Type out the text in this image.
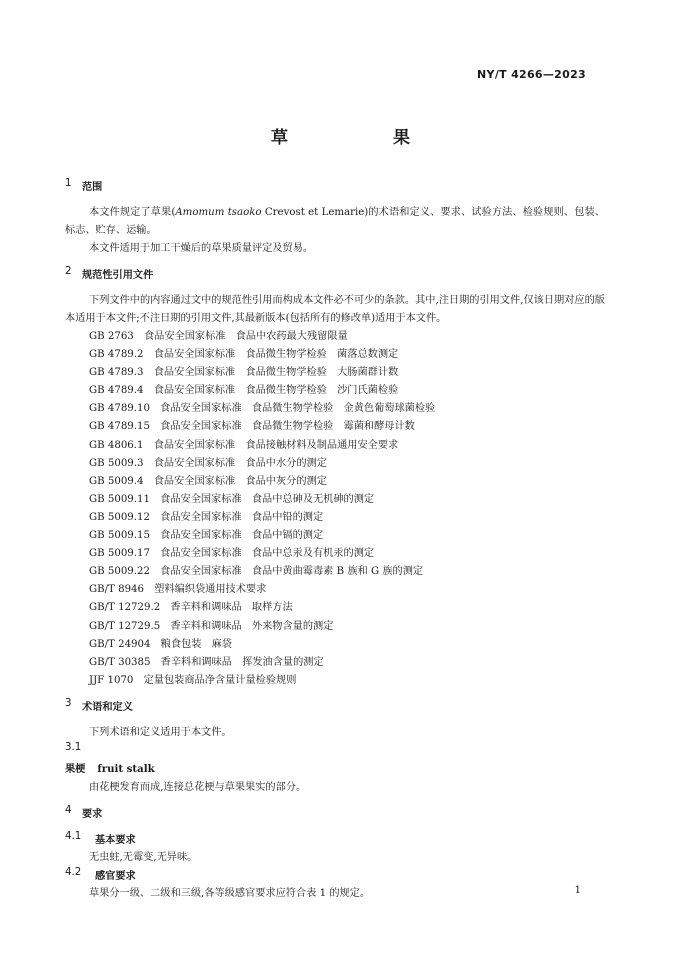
NY/T 4266—2023
草　果
1 范围
本文件规定了草果(Amomum tsaoko Crevost et Lemarie)的术语和定义、要求、试验方法、检验规则、包装、标志、贮存、运输。
本文件适用于加工干燥后的草果质量评定及贸易。
2 规范性引用文件
下列文件中的内容通过文中的规范性引用而构成本文件必不可少的条款。其中,注日期的引用文件,仅该日期对应的版本适用于本文件;不注日期的引用文件,其最新版本(包括所有的修改单)适用于本文件。
GB 2763　食品安全国家标准　食品中农药最大残留限量
GB 4789.2　食品安全国家标准　食品微生物学检验　菌落总数测定
GB 4789.3　食品安全国家标准　食品微生物学检验　大肠菌群计数
GB 4789.4　食品安全国家标准　食品微生物学检验　沙门氏菌检验
GB 4789.10　食品安全国家标准　食品微生物学检验　金黄色葡萄球菌检验
GB 4789.15　食品安全国家标准　食品微生物学检验　霉菌和酵母计数
GB 4806.1　食品安全国家标准　食品接触材料及制品通用安全要求
GB 5009.3　食品安全国家标准　食品中水分的测定
GB 5009.4　食品安全国家标准　食品中灰分的测定
GB 5009.11　食品安全国家标准　食品中总砷及无机砷的测定
GB 5009.12　食品安全国家标准　食品中铅的测定
GB 5009.15　食品安全国家标准　食品中镉的测定
GB 5009.17　食品安全国家标准　食品中总汞及有机汞的测定
GB 5009.22　食品安全国家标准　食品中黄曲霉毒素 B 族和 G 族的测定
GB/T 8946　塑料编织袋通用技术要求
GB/T 12729.2　香辛料和调味品　取样方法
GB/T 12729.5　香辛料和调味品　外来物含量的测定
GB/T 24904　粮食包装　麻袋
GB/T 30385　香辛料和调味品　挥发油含量的测定
JJF 1070　定量包装商品净含量计量检验规则
3 术语和定义
下列术语和定义适用于本文件。
3.1
果梗 fruit stalk
由花梗发育而成,连接总花梗与草果果实的部分。
4 要求
4.1 基本要求
无虫蛀,无霉变,无异味。
4.2 感官要求
草果分一级、二级和三级,各等级感官要求应符合表 1 的规定。	1
